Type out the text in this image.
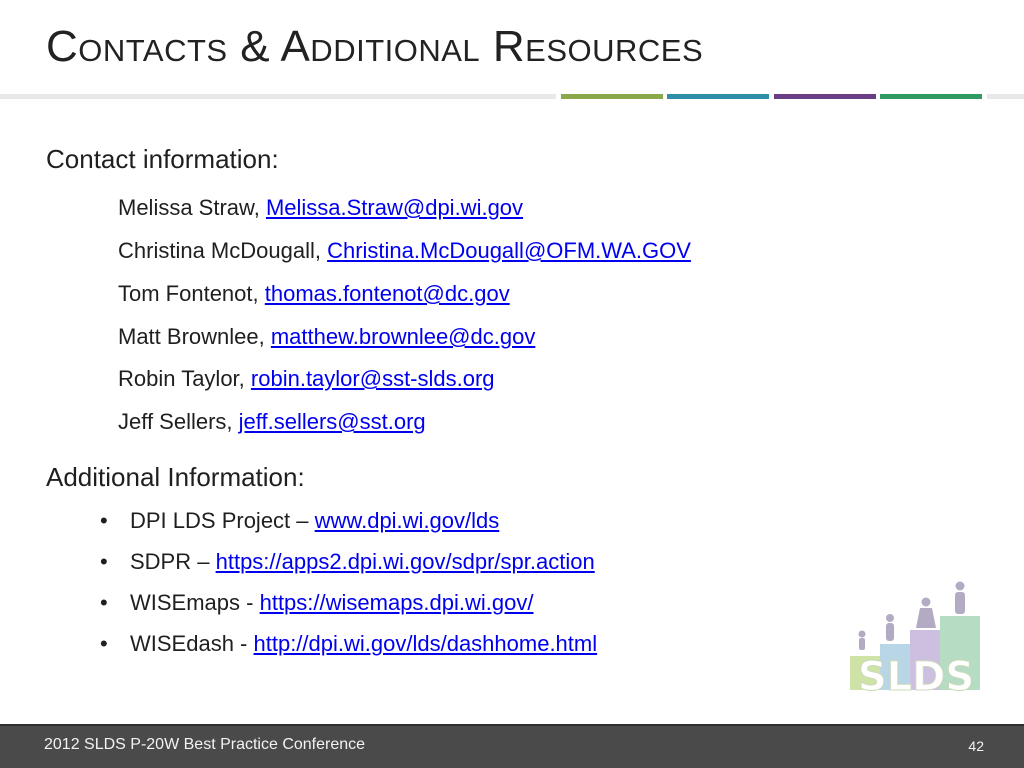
Contacts & Additional Resources
Contact information:
Melissa Straw, Melissa.Straw@dpi.wi.gov
Christina McDougall, Christina.McDougall@OFM.WA.GOV
Tom Fontenot, thomas.fontenot@dc.gov
Matt Brownlee, matthew.brownlee@dc.gov
Robin Taylor, robin.taylor@sst-slds.org
Jeff Sellers, jeff.sellers@sst.org
Additional Information:
• DPI LDS Project – www.dpi.wi.gov/lds
• SDPR – https://apps2.dpi.wi.gov/sdpr/spr.action
• WISEmaps - https://wisemaps.dpi.wi.gov/
• WISEdash - http://dpi.wi.gov/lds/dashhome.html
SLDS
2012 SLDS P-20W Best Practice Conference	42
